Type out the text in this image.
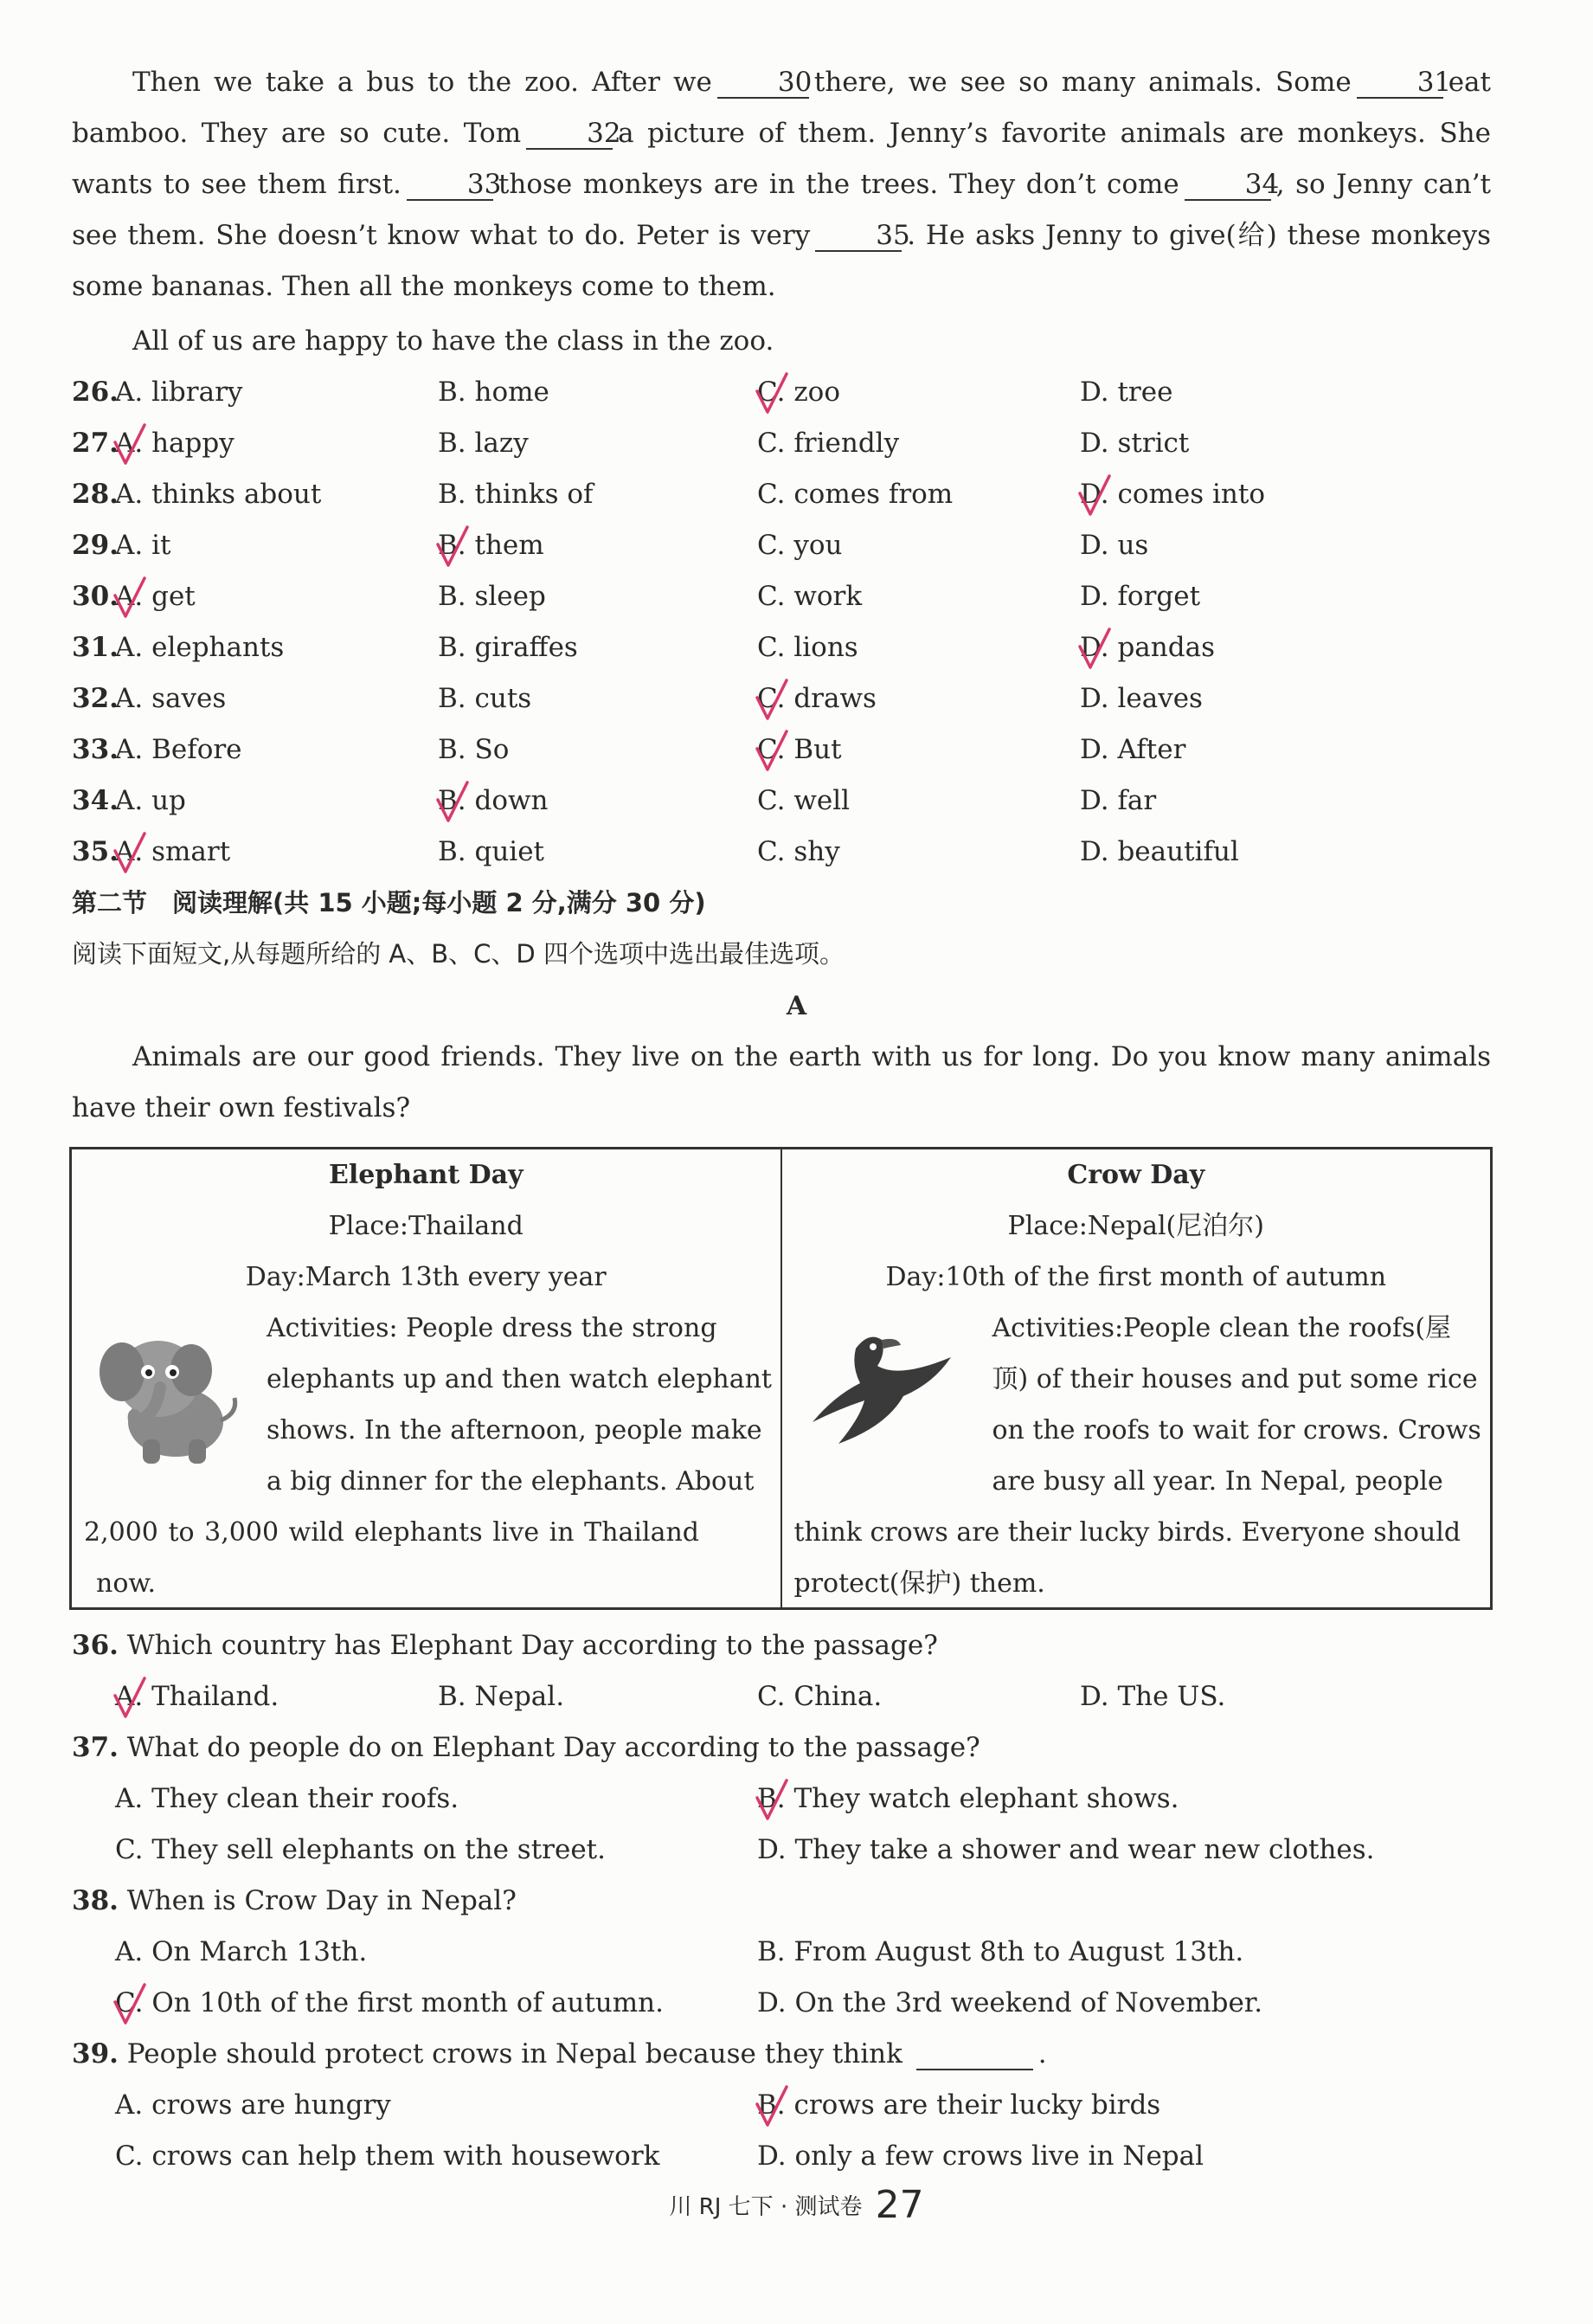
Then we take a bus to the zoo. After we 30there, we see so many animals. Some 31eat bamboo. They are so cute. Tom 32a picture of them. Jenny’s favorite animals are monkeys. She wants to see them first. 33those monkeys are in the trees. They don’t come 34, so Jenny can’t see them. She doesn’t know what to do. Peter is very 35. He asks Jenny to give(给) these monkeys some bananas. Then all the monkeys come to them.
All of us are happy to have the class in the zoo.
26.
A. library	B. home	C. zoo	D. tree
27.
A. happy	B. lazy	C. friendly	D. strict
28.
A. thinks about	B. thinks of	C. comes from	D. comes into
29.
A. it	B. them	C. you	D. us
30.
A. get	B. sleep	C. work	D. forget
31.
A. elephants	B. giraffes	C. lions	D. pandas
32.
A. saves	B. cuts	C. draws	D. leaves
33.
A. Before	B. So	C. But	D. After
34.
A. up	B. down	C. well	D. far
35.
A. smart	B. quiet	C. shy	D. beautiful
第二节　阅读理解(共 15 小题;每小题 2 分,满分 30 分)
阅读下面短文,从每题所给的 A、B、C、D 四个选项中选出最佳选项。
A
Animals are our good friends. They live on the earth with us for long. Do you know many animals have their own festivals?
Elephant Day
Place:Thailand
Day:March 13th every year
Activities: People dress the strong
elephants up and then watch elephant
shows. In the afternoon, people make
a big dinner for the elephants. About
2,000 to 3,000 wild elephants live in Thailand
now.

Crow Day
Place:Nepal(尼泊尔)
Day:10th of the first month of autumn
Activities:People clean the roofs(屋
顶) of their houses and put some rice
on the roofs to wait for crows. Crows
are busy all year. In Nepal, people
think crows are their lucky birds. Everyone should
protect(保护) them.
36. Which country has Elephant Day according to the passage?
A. Thailand.	B. Nepal.	C. China.	D. The US.
37. What do people do on Elephant Day according to the passage?
A. They clean their roofs.	B. They watch elephant shows.
C. They sell elephants on the street.	D. They take a shower and wear new clothes.
38. When is Crow Day in Nepal?
A. On March 13th.	B. From August 8th to August 13th.
C. On 10th of the first month of autumn.	D. On the 3rd weekend of November.
39. People should protect crows in Nepal because they think	.
A. crows are hungry	B. crows are their lucky birds
C. crows can help them with housework	D. only a few crows live in Nepal
川 RJ 七下 · 测试卷 27
